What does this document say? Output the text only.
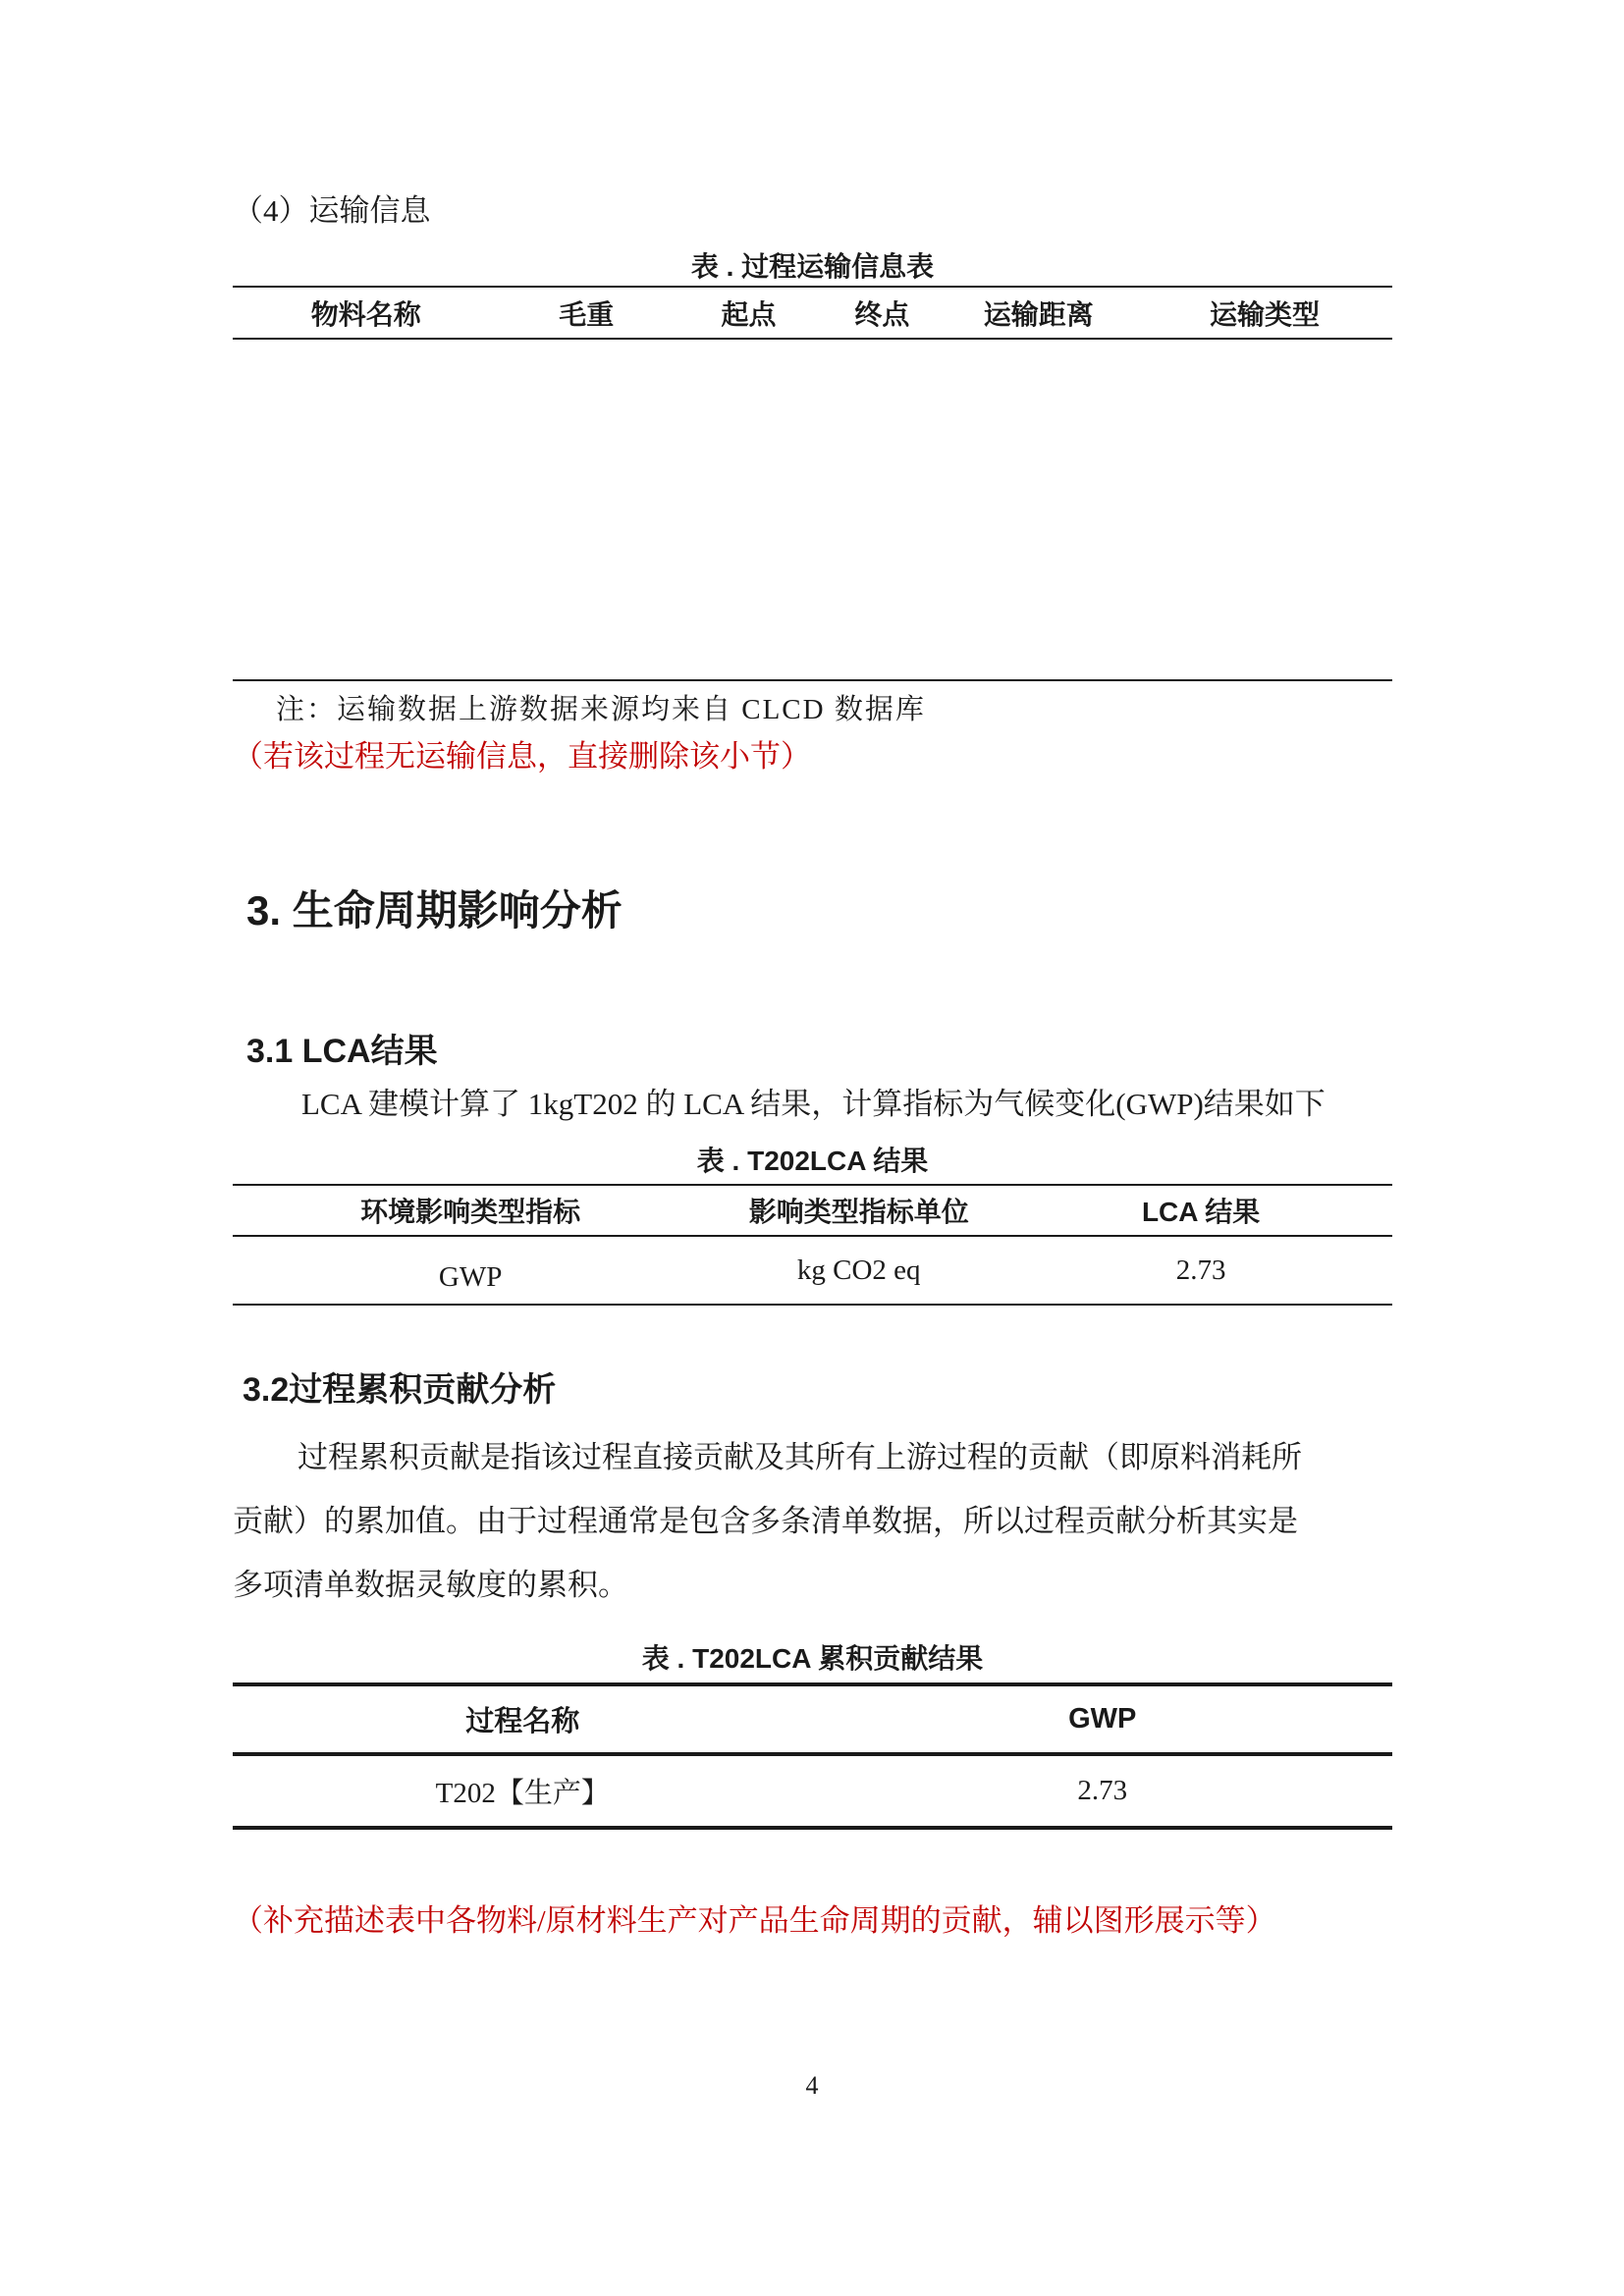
（4）运输信息
表 . 过程运输信息表
物料名称	毛重	起点	终点	运输距离	运输类型
注：运输数据上游数据来源均来自 CLCD 数据库
（若该过程无运输信息，直接删除该小节）
3. 生命周期影响分析
3.1 LCA结果
LCA 建模计算了 1kgT202 的 LCA 结果，计算指标为气候变化(GWP)结果如下
表 . T202LCA 结果
环境影响类型指标	影响类型指标单位	LCA 结果
GWP	kg CO2 eq	2.73
3.2过程累积贡献分析
过程累积贡献是指该过程直接贡献及其所有上游过程的贡献（即原料消耗所
贡献）的累加值。由于过程通常是包含多条清单数据，所以过程贡献分析其实是
多项清单数据灵敏度的累积。
表 . T202LCA 累积贡献结果
过程名称	GWP
T202【生产】	2.73
（补充描述表中各物料/原材料生产对产品生命周期的贡献，辅以图形展示等）
4
